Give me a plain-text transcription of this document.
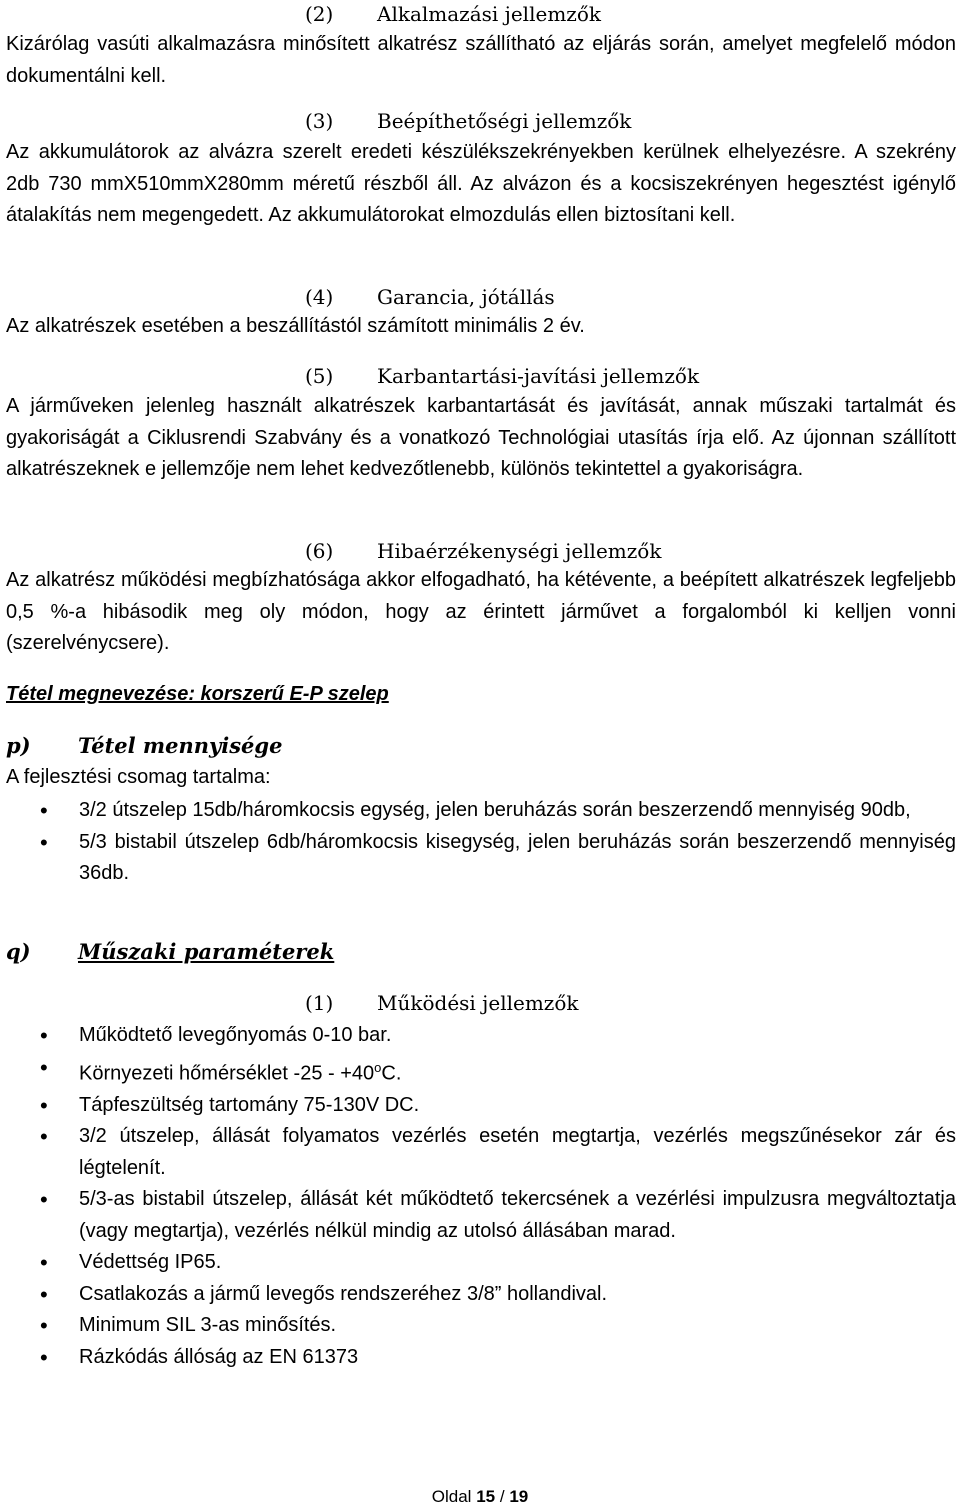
(2) Alkalmazási jellemzők

Kizárólag vasúti alkalmazásra minősített alkatrész szállítható az eljárás során, amelyet megfelelő módon dokumentálni kell.

(3) Beépíthetőségi jellemzők

Az akkumulátorok az alvázra szerelt eredeti készülékszekrényekben kerülnek elhelyezésre. A szekrény 2db 730 mmX510mmX280mm méretű részből áll. Az alvázon és a kocsiszekrényen hegesztést igénylő átalakítás nem megengedett. Az akkumulátorokat elmozdulás ellen biztosítani kell.

(4) Garancia, jótállás

Az alkatrészek esetében a beszállítástól számított minimális 2 év.

(5) Karbantartási-javítási jellemzők

A járműveken jelenleg használt alkatrészek karbantartását és javítását, annak műszaki tartalmát és gyakoriságát a Ciklusrendi Szabvány és a vonatkozó Technológiai utasítás írja elő. Az újonnan szállított alkatrészeknek e jellemzője nem lehet kedvezőtlenebb, különös tekintettel a gyakoriságra.

(6) Hibaérzékenységi jellemzők

Az alkatrész működési megbízhatósága akkor elfogadható, ha kétévente, a beépített alkatrészek legfeljebb 0,5 %-a hibásodik meg oly módon, hogy az érintett járművet a forgalomból ki kelljen vonni (szerelvénycsere).

Tétel megnevezése: korszerű E-P szelep
p) Tétel mennyisége

A fejlesztési csomag tartalma:

• 3/2 útszelep 15db/háromkocsis egység, jelen beruházás során beszerzendő mennyiség 90db,
• 5/3 bistabil útszelep 6db/háromkocsis kisegység, jelen beruházás során beszerzendő mennyiség 36db.
q) Műszaki paraméterek
(1) Működési jellemzők
• Működtető levegőnyomás 0-10 bar.
• Környezeti hőmérséklet $-25 - +40^oC$.
• Tápfeszültség tartomány 75-130V DC.
• 3/2 útszelep, állását folyamatos vezérlés esetén megtartja, vezérlés megszűnésekor zár és légtelenít.
• 5/3-as bistabil útszelep, állását két működtető tekercsének a vezérlési impulzusra megváltoztatja (vagy megtartja), vezérlés nélkül mindig az utolsó állásában marad.
• Védettség IP65.
• Csatlakozás a jármű levegős rendszeréhez 3/8” hollandival.
• Minimum SIL 3-as minősítés.
• Rázkódás állóság az EN 61373
Oldal 15 / 19
